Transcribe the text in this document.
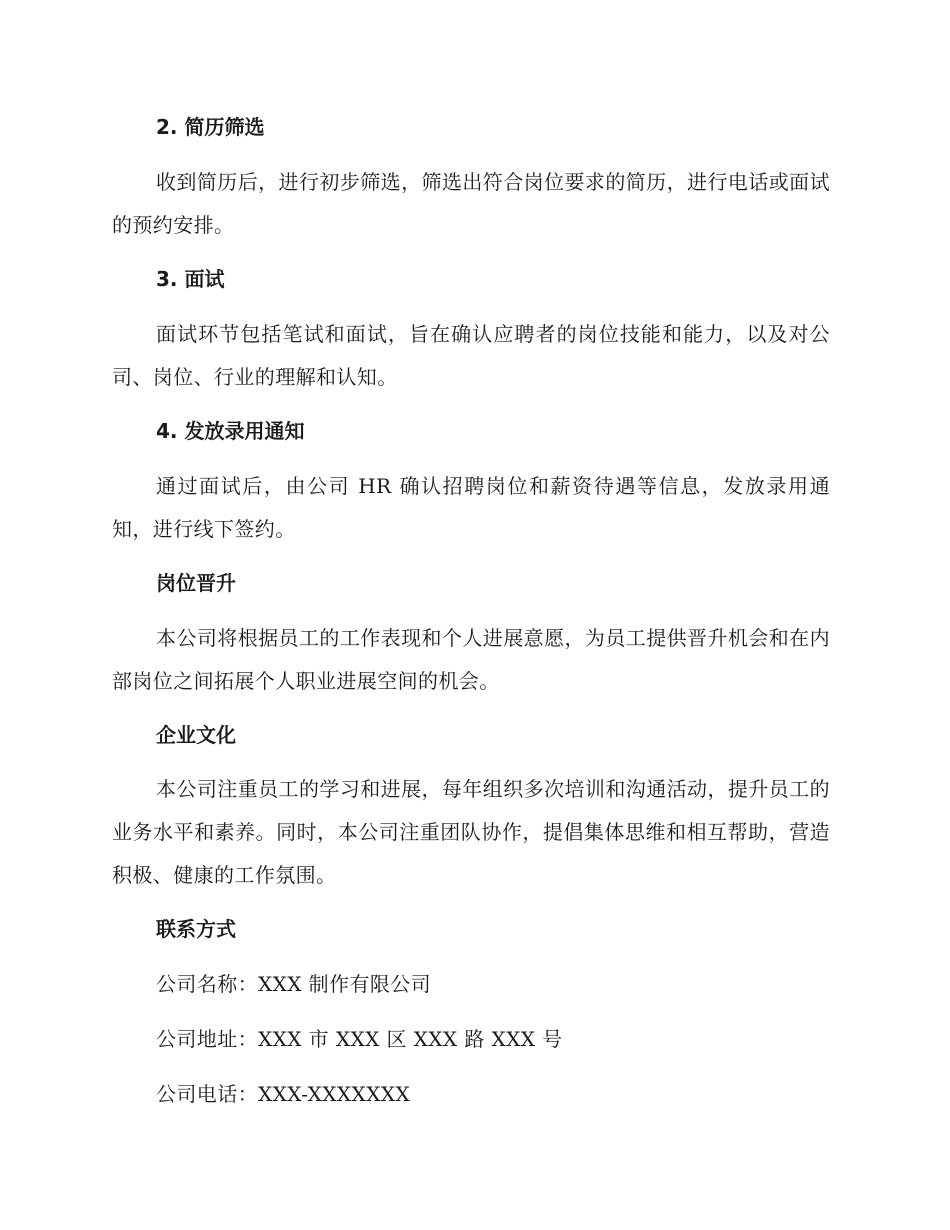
2. 简历筛选
收到简历后，进行初步筛选，筛选出符合岗位要求的简历，进行电话或面试的预约安排。
3. 面试
面试环节包括笔试和面试，旨在确认应聘者的岗位技能和能力，以及对公司、岗位、行业的理解和认知。
4. 发放录用通知
通过面试后，由公司 HR 确认招聘岗位和薪资待遇等信息，发放录用通知，进行线下签约。
岗位晋升
本公司将根据员工的工作表现和个人进展意愿，为员工提供晋升机会和在内部岗位之间拓展个人职业进展空间的机会。
企业文化
本公司注重员工的学习和进展，每年组织多次培训和沟通活动，提升员工的业务水平和素养。同时，本公司注重团队协作，提倡集体思维和相互帮助，营造积极、健康的工作氛围。
联系方式
公司名称：XXX 制作有限公司
公司地址：XXX 市 XXX 区 XXX 路 XXX 号
公司电话：XXX-XXXXXXX
